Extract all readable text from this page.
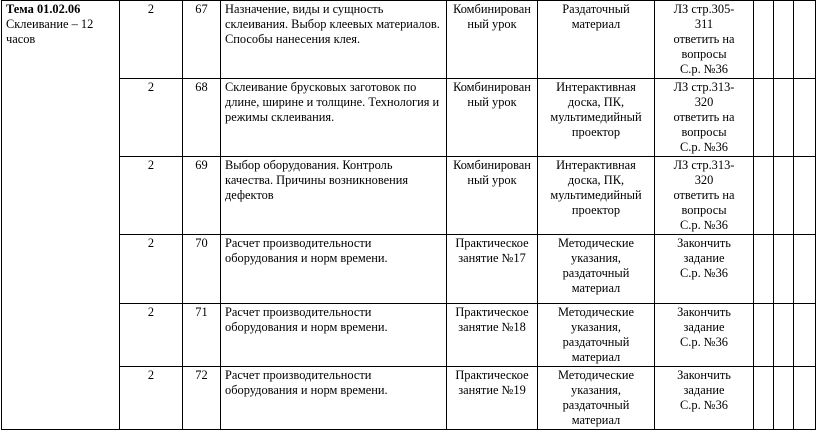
Тема 01.02.06
Склеивание – 12 часов	2	67	Назначение, виды и сущность склеивания. Выбор клеевых материалов. Способы нанесения клея.	Комбинирован
ный урок	Раздаточный
материал	ЛЗ стр.305-
311
ответить на
вопросы
С.р. №36			

	2	68	Склеивание брусковых заготовок по длине, ширине и толщине. Технология и режимы склеивания.	Комбинирован
ный урок	Интерактивная
доска, ПК,
мультимедийный
проектор	ЛЗ стр.313-
320
ответить на
вопросы
С.р. №36			

	2	69	Выбор оборудования. Контроль качества. Причины возникновения дефектов	Комбинирован
ный урок	Интерактивная
доска, ПК,
мультимедийный
проектор	ЛЗ стр.313-
320
ответить на
вопросы
С.р. №36			

	2	70	Расчет производительности оборудования и норм времени.	Практическое
занятие №17	Методические
указания,
раздаточный
материал	Закончить
задание
С.р. №36			

	2	71	Расчет производительности оборудования и норм времени.	Практическое
занятие №18	Методические
указания,
раздаточный
материал	Закончить
задание
С.р. №36			

	2	72	Расчет производительности оборудования и норм времени.	Практическое
занятие №19	Методические
указания,
раздаточный
материал	Закончить
задание
С.р. №36			
